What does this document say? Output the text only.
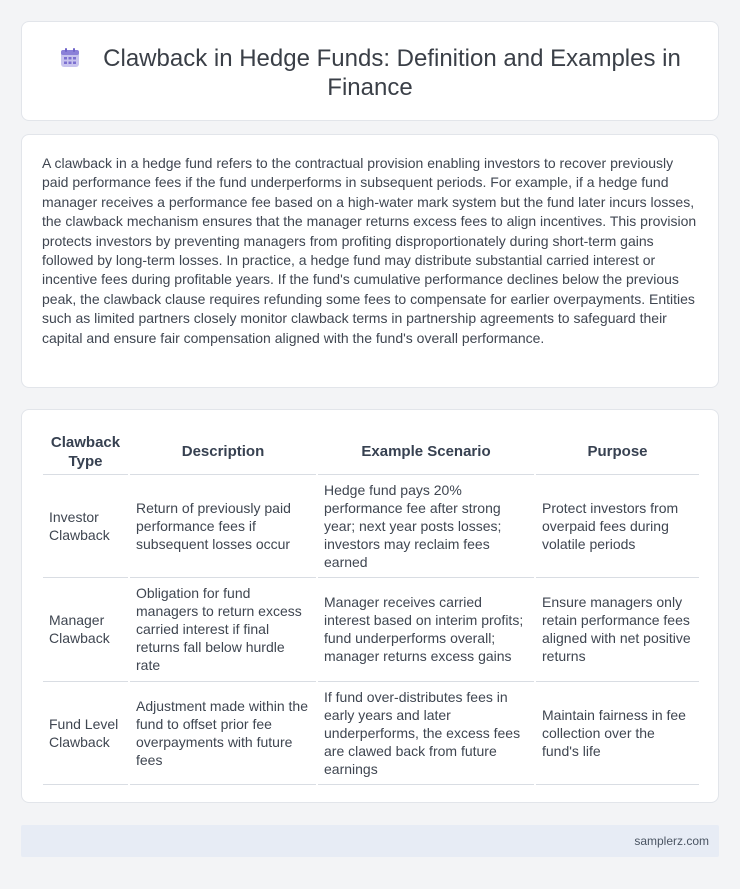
Clawback in Hedge Funds: Definition and Examples in Finance

A clawback in a hedge fund refers to the contractual provision enabling investors to recover previously paid performance fees if the fund underperforms in subsequent periods. For example, if a hedge fund manager receives a performance fee based on a high-water mark system but the fund later incurs losses, the clawback mechanism ensures that the manager returns excess fees to align incentives. This provision protects investors by preventing managers from profiting disproportionately during short-term gains followed by long-term losses. In practice, a hedge fund may distribute substantial carried interest or incentive fees during profitable years. If the fund's cumulative performance declines below the previous peak, the clawback clause requires refunding some fees to compensate for earlier overpayments. Entities such as limited partners closely monitor clawback terms in partnership agreements to safeguard their capital and ensure fair compensation aligned with the fund's overall performance.

Clawback Type	Description	Example Scenario	Purpose
Investor Clawback	Return of previously paid performance fees if subsequent losses occur	Hedge fund pays 20% performance fee after strong year; next year posts losses; investors may reclaim fees earned	Protect investors from overpaid fees during volatile periods
Manager Clawback	Obligation for fund managers to return excess carried interest if final returns fall below hurdle rate	Manager receives carried interest based on interim profits; fund underperforms overall; manager returns excess gains	Ensure managers only retain performance fees aligned with net positive returns
Fund Level Clawback	Adjustment made within the fund to offset prior fee overpayments with future fees	If fund over-distributes fees in early years and later underperforms, the excess fees are clawed back from future earnings	Maintain fairness in fee collection over the fund's life
samplerz.com
